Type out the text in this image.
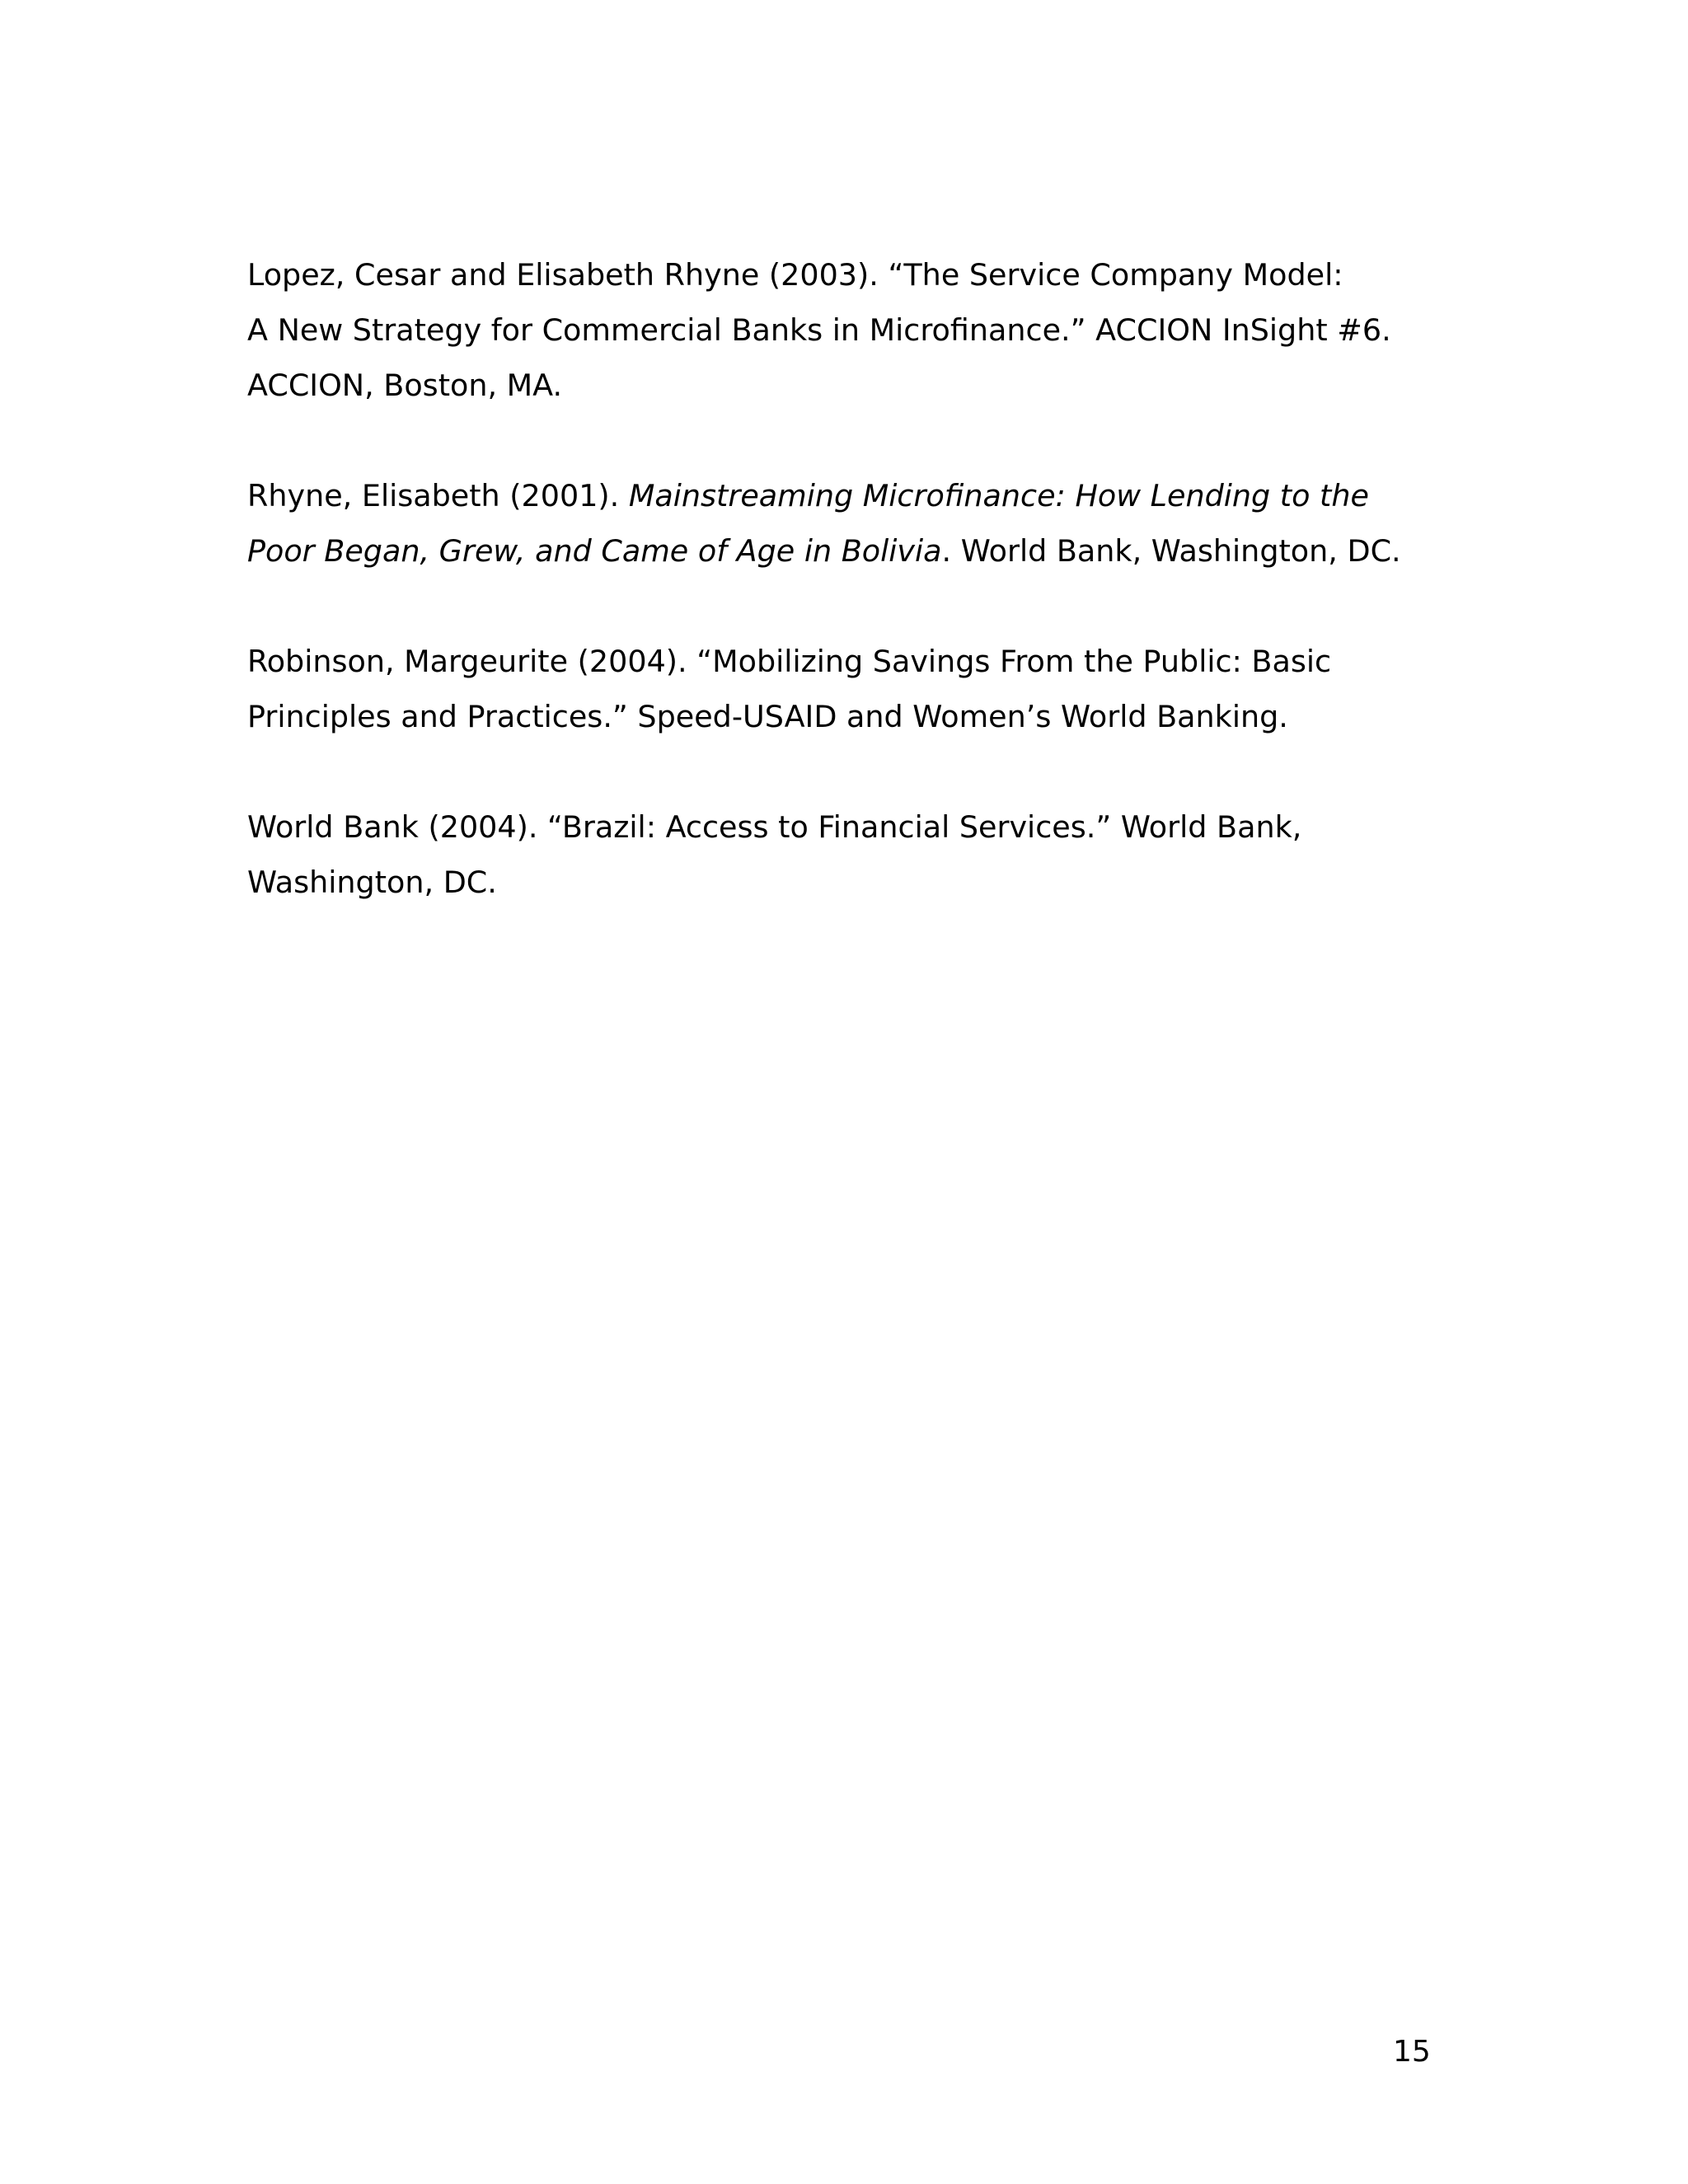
Lopez, Cesar and Elisabeth Rhyne (2003). “The Service Company Model:
A New Strategy for Commercial Banks in Microfinance.” ACCION InSight #6.
ACCION, Boston, MA.

Rhyne, Elisabeth (2001). Mainstreaming Microfinance: How Lending to the
Poor Began, Grew, and Came of Age in Bolivia. World Bank, Washington, DC.

Robinson, Margeurite (2004). “Mobilizing Savings From the Public: Basic
Principles and Practices.” Speed-USAID and Women’s World Banking.

World Bank (2004). “Brazil: Access to Financial Services.” World Bank,
Washington, DC.

15
